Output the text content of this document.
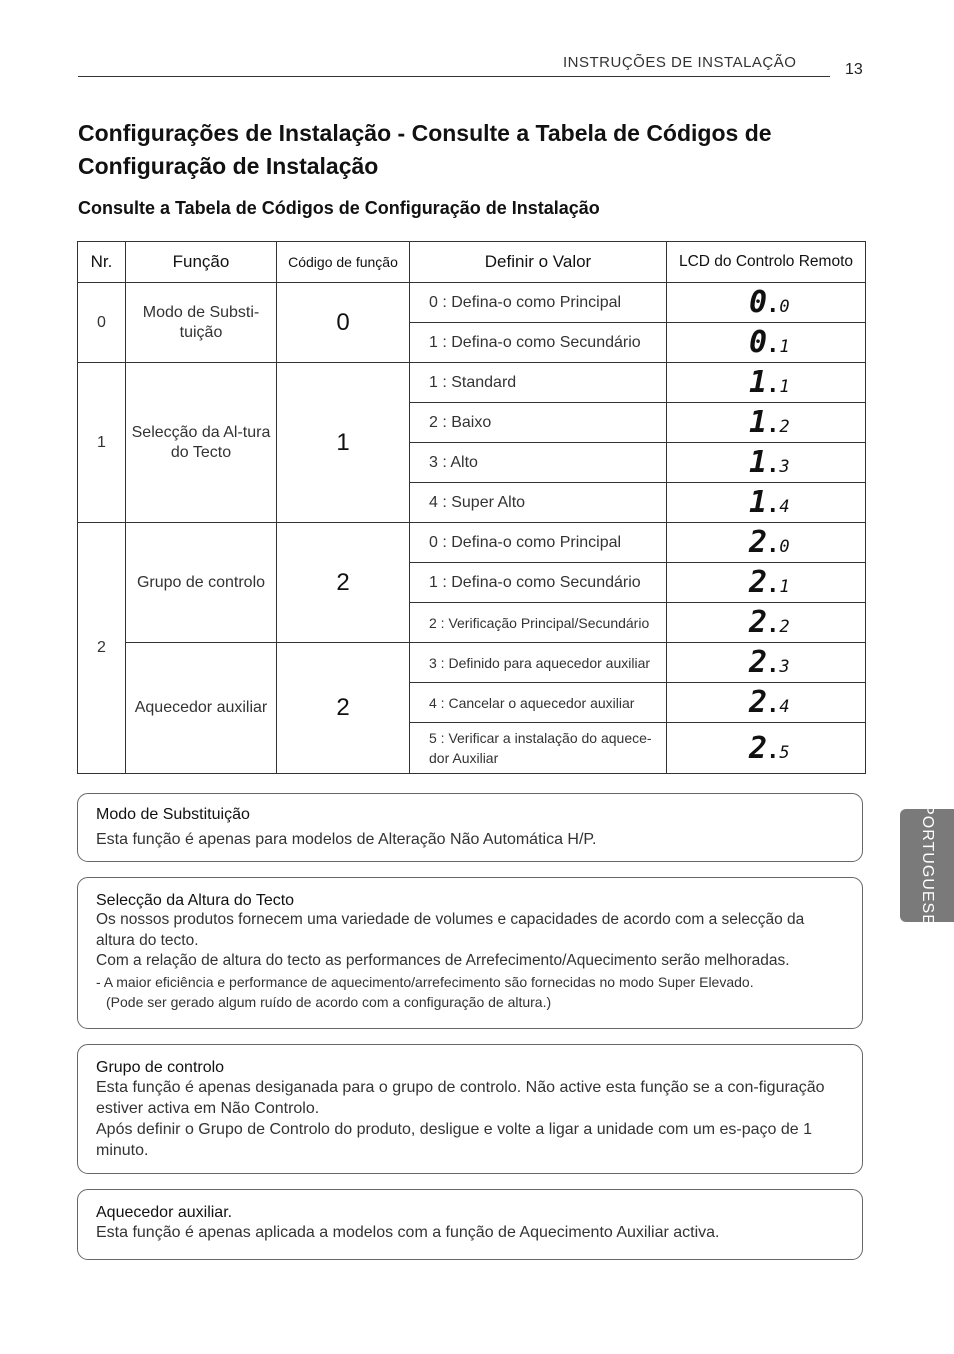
INSTRUÇÕES DE INSTALAÇÃO	13
Configurações de Instalação - Consulte a Tabela de Códigos de Configuração de Instalação
Consulte a Tabela de Códigos de Configuração de Instalação
Nr.	Função	Código de função	Definir o Valor	LCD do Controlo Remoto
0	Modo de Substi-tuição	0	0 : Defina-o como Principal	0.0
			1 : Defina-o como Secundário	0.1
1	Selecção da Al-tura do Tecto	1	1 : Standard	1.1
			2 : Baixo	1.2
			3 : Alto	1.3
			4 : Super Alto	1.4
2	Grupo de controlo	2	0 : Defina-o como Principal	2.0
			1 : Defina-o como Secundário	2.1
			2 : Verificação Principal/Secundário	2.2
	Aquecedor auxiliar	2	3 : Definido para aquecedor auxiliar	2.3
			4 : Cancelar o aquecedor auxiliar	2.4
			5 : Verificar a instalação do aquece-dor Auxiliar	2.5
Modo de Substituição
Esta função é apenas para modelos de Alteração Não Automática H/P.
Selecção da Altura do Tecto
Os nossos produtos fornecem uma variedade de volumes e capacidades de acordo com a selecção da altura do tecto.
Com a relação de altura do tecto as performances de Arrefecimento/Aquecimento serão melhoradas.
- A maior eficiência e performance de aquecimento/arrefecimento são fornecidas no modo Super Elevado.
(Pode ser gerado algum ruído de acordo com a configuração de altura.)
Grupo de controlo
Esta função é apenas desiganada para o grupo de controlo. Não active esta função se a con-figuração estiver activa em Não Controlo.
Após definir o Grupo de Controlo do produto, desligue e volte a ligar a unidade com um es-paço de 1 minuto.
Aquecedor auxiliar.
Esta função é apenas aplicada a modelos com a função de Aquecimento Auxiliar activa.
PORTUGUESE
